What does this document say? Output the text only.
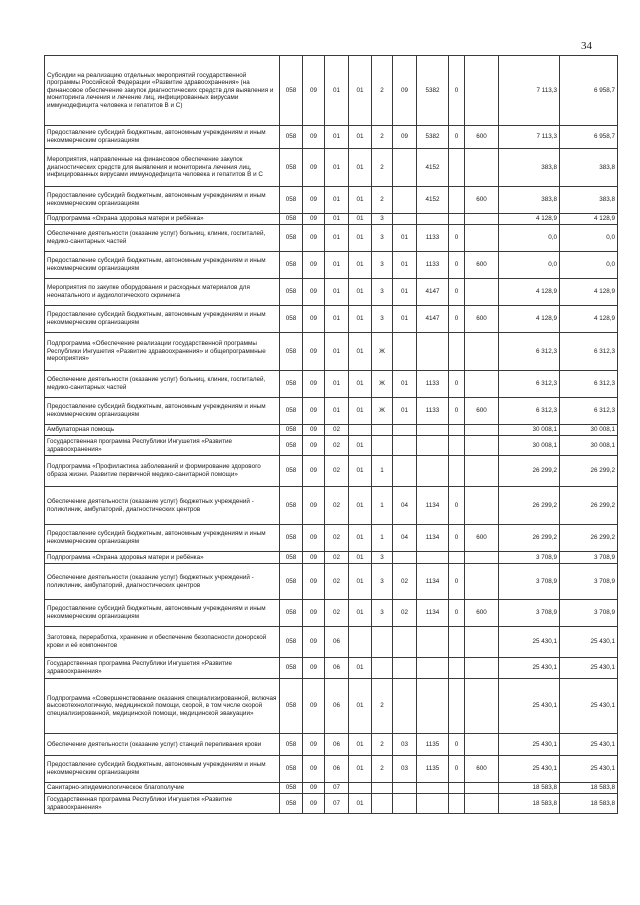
34
Субсидии на реализацию отдельных мероприятий государственной программы Российской Федерации «Развитие здравоохранения» (на финансовое обеспечение закупок диагностических средств для выявления и мониторинга лечения и лечение лиц, инфицированных вирусами иммунодефицита человека и гепатитов В и С)	058	09	01	01	2	09	5382	0		7 113,3	6 958,7
Предоставление субсидий бюджетным, автономным учреждениям и иным некоммерческим организациям	058	09	01	01	2	09	5382	0	600	7 113,3	6 958,7
Мероприятия, направленные на финансовое обеспечение закупок диагностических средств для выявления и мониторинга лечения лиц, инфицированных вирусами иммунодефицита человека и гепатитов В и С	058	09	01	01	2		4152			383,8	383,8
Предоставление субсидий бюджетным, автономным учреждениям и иным некоммерческим организациям	058	09	01	01	2		4152		600	383,8	383,8
Подпрограмма «Охрана здоровья матери и ребёнка»	058	09	01	01	3					4 128,9	4 128,9
Обеспечение деятельности (оказание услуг) больниц, клиник, госпиталей, медико-санитарных частей	058	09	01	01	3	01	1133	0		0,0	0,0
Предоставление субсидий бюджетным, автономным учреждениям и иным некоммерческим организациям	058	09	01	01	3	01	1133	0	600	0,0	0,0
Мероприятия по закупке оборудования и расходных материалов для неонатального и аудиологического скрининга	058	09	01	01	3	01	4147	0		4 128,9	4 128,9
Предоставление субсидий бюджетным, автономным учреждениям и иным некоммерческим организациям	058	09	01	01	3	01	4147	0	600	4 128,9	4 128,9
Подпрограмма «Обеспечение реализации государственной программы Республики Ингушетия «Развитие здравоохранения» и общепрограммные мероприятия»	058	09	01	01	Ж					6 312,3	6 312,3
Обеспечение деятельности (оказание услуг) больниц, клиник, госпиталей, медико-санитарных частей	058	09	01	01	Ж	01	1133	0		6 312,3	6 312,3
Предоставление субсидий бюджетным, автономным учреждениям и иным некоммерческим организациям	058	09	01	01	Ж	01	1133	0	600	6 312,3	6 312,3
Амбулаторная помощь	058	09	02							30 008,1	30 008,1
Государственная программа Республики Ингушетия «Развитие здравоохранения»	058	09	02	01						30 008,1	30 008,1
Подпрограмма «Профилактика заболеваний и формирование здорового образа жизни. Развитие первичной медико-санитарной помощи»	058	09	02	01	1					26 299,2	26 299,2
Обеспечение деятельности (оказание услуг) бюджетных учреждений - поликлиник, амбулаторий, диагностических центров	058	09	02	01	1	04	1134	0		26 299,2	26 299,2
Предоставление субсидий бюджетным, автономным учреждениям и иным некоммерческим организациям	058	09	02	01	1	04	1134	0	600	26 299,2	26 299,2
Подпрограмма «Охрана здоровья матери и ребёнка»	058	09	02	01	3					3 708,9	3 708,9
Обеспечение деятельности (оказание услуг) бюджетных учреждений - поликлиник, амбулаторий, диагностических центров	058	09	02	01	3	02	1134	0		3 708,9	3 708,9
Предоставление субсидий бюджетным, автономным учреждениям и иным некоммерческим организациям	058	09	02	01	3	02	1134	0	600	3 708,9	3 708,9
Заготовка, переработка, хранение и обеспечение безопасности донорской крови и её компонентов	058	09	06							25 430,1	25 430,1
Государственная программа Республики Ингушетия «Развитие здравоохранения»	058	09	06	01						25 430,1	25 430,1
Подпрограмма «Совершенствование оказания специализированной, включая высокотехнологичную, медицинской помощи, скорой, в том числе скорой специализированной, медицинской помощи, медицинской эвакуации»	058	09	06	01	2					25 430,1	25 430,1
Обеспечение деятельности (оказание услуг) станций переливания крови	058	09	06	01	2	03	1135	0		25 430,1	25 430,1
Предоставление субсидий бюджетным, автономным учреждениям и иным некоммерческим организациям	058	09	06	01	2	03	1135	0	600	25 430,1	25 430,1
Санитарно-эпидемиологическое благополучие	058	09	07							18 583,8	18 583,8
Государственная программа Республики Ингушетия «Развитие здравоохранения»	058	09	07	01						18 583,8	18 583,8
